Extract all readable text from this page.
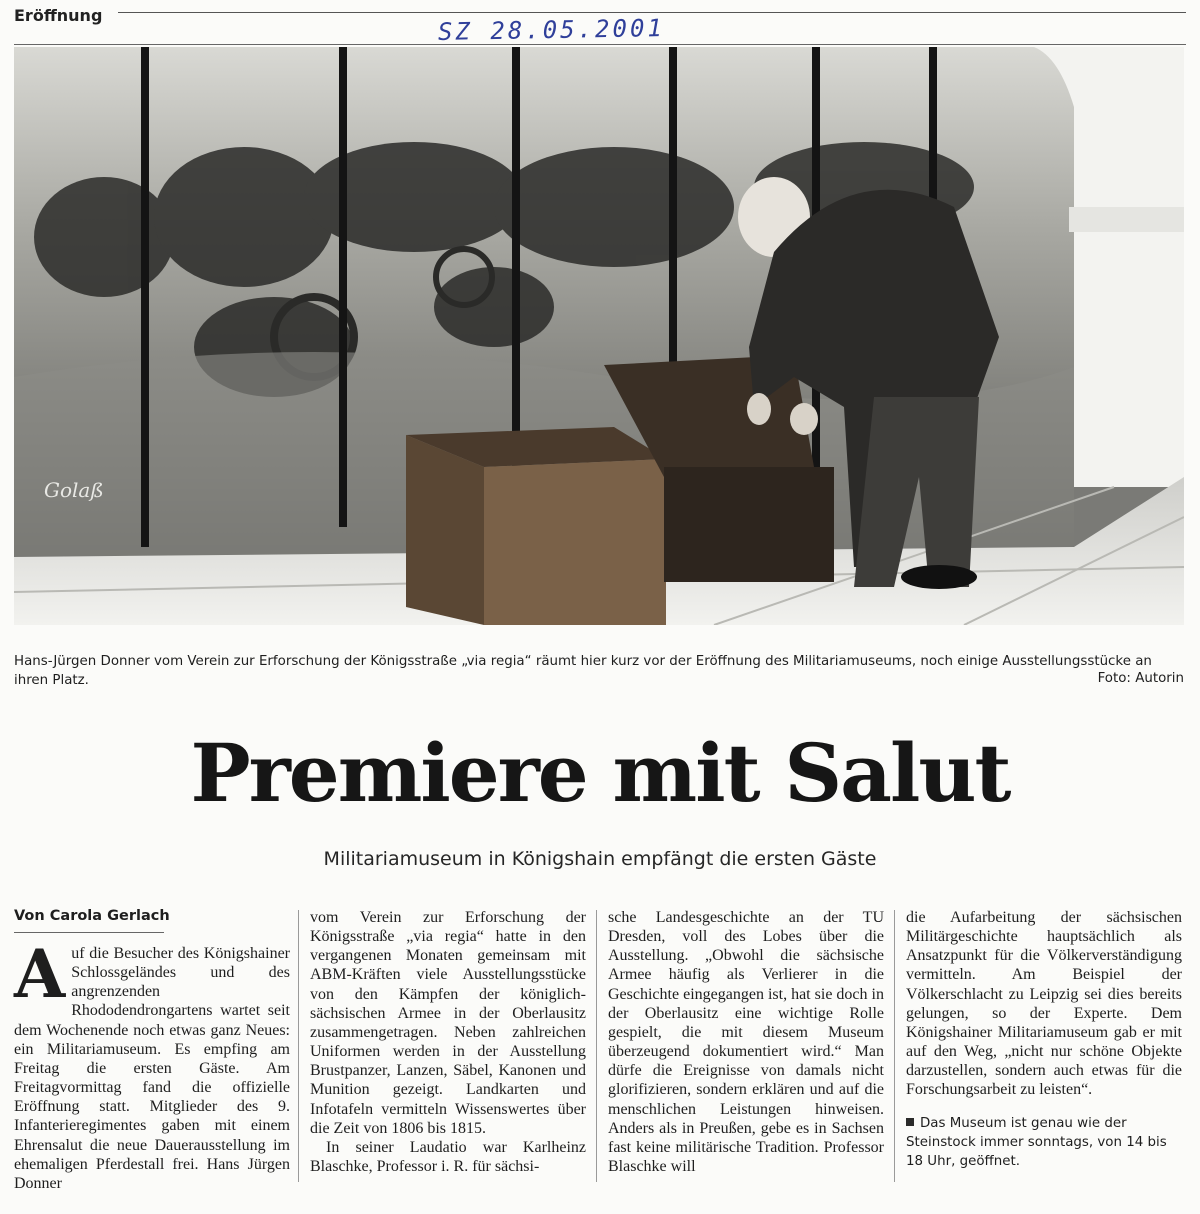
Eröffnung	SZ 28.05.2001
Golaß
Hans-Jürgen Donner vom Verein zur Erforschung der Königsstraße „via regia“ räumt hier kurz vor der Eröffnung des Militariamuseums, noch einige Ausstellungsstücke an ihren Platz.	Foto: Autorin
Premiere mit Salut
Militariamuseum in Königshain empfängt die ersten Gäste
Von Carola Gerlach

Auf die Besucher des Königshainer Schlossgeländes und des angrenzenden Rhododendrongartens wartet seit dem Wochenende noch etwas ganz Neues: ein Militariamuseum. Es empfing am Freitag die ersten Gäste. Am Freitagvormittag fand die offizielle Eröffnung statt. Mitglieder des 9. Infanterieregimentes gaben mit einem Ehrensalut die neue Dauerausstellung im ehemaligen Pferdestall frei. Hans Jürgen Donner

vom Verein zur Erforschung der Königsstraße „via regia“ hatte in den vergangenen Monaten gemeinsam mit ABM-Kräften viele Ausstellungsstücke von den Kämpfen der königlich-sächsischen Armee in der Oberlausitz zusammengetragen. Neben zahlreichen Uniformen werden in der Ausstellung Brustpanzer, Lanzen, Säbel, Kanonen und Munition gezeigt. Landkarten und Infotafeln vermitteln Wissenswertes über die Zeit von 1806 bis 1815.

In seiner Laudatio war Karlheinz Blaschke, Professor i. R. für sächsi-

sche Landesgeschichte an der TU Dresden, voll des Lobes über die Ausstellung. „Obwohl die sächsische Armee häufig als Verlierer in die Geschichte eingegangen ist, hat sie doch in der Oberlausitz eine wichtige Rolle gespielt, die mit diesem Museum überzeugend dokumentiert wird.“ Man dürfe die Ereignisse von damals nicht glorifizieren, sondern erklären und auf die menschlichen Leistungen hinweisen. Anders als in Preußen, gebe es in Sachsen fast keine militärische Tradition. Professor Blaschke will

die Aufarbeitung der sächsischen Militärgeschichte hauptsächlich als Ansatzpunkt für die Völkerverständigung vermitteln. Am Beispiel der Völkerschlacht zu Leipzig sei dies bereits gelungen, so der Experte. Dem Königshainer Militariamuseum gab er mit auf den Weg, „nicht nur schöne Objekte darzustellen, sondern auch etwas für die Forschungsarbeit zu leisten“.

Das Museum ist genau wie der Steinstock immer sonntags, von 14 bis 18 Uhr, geöffnet.
